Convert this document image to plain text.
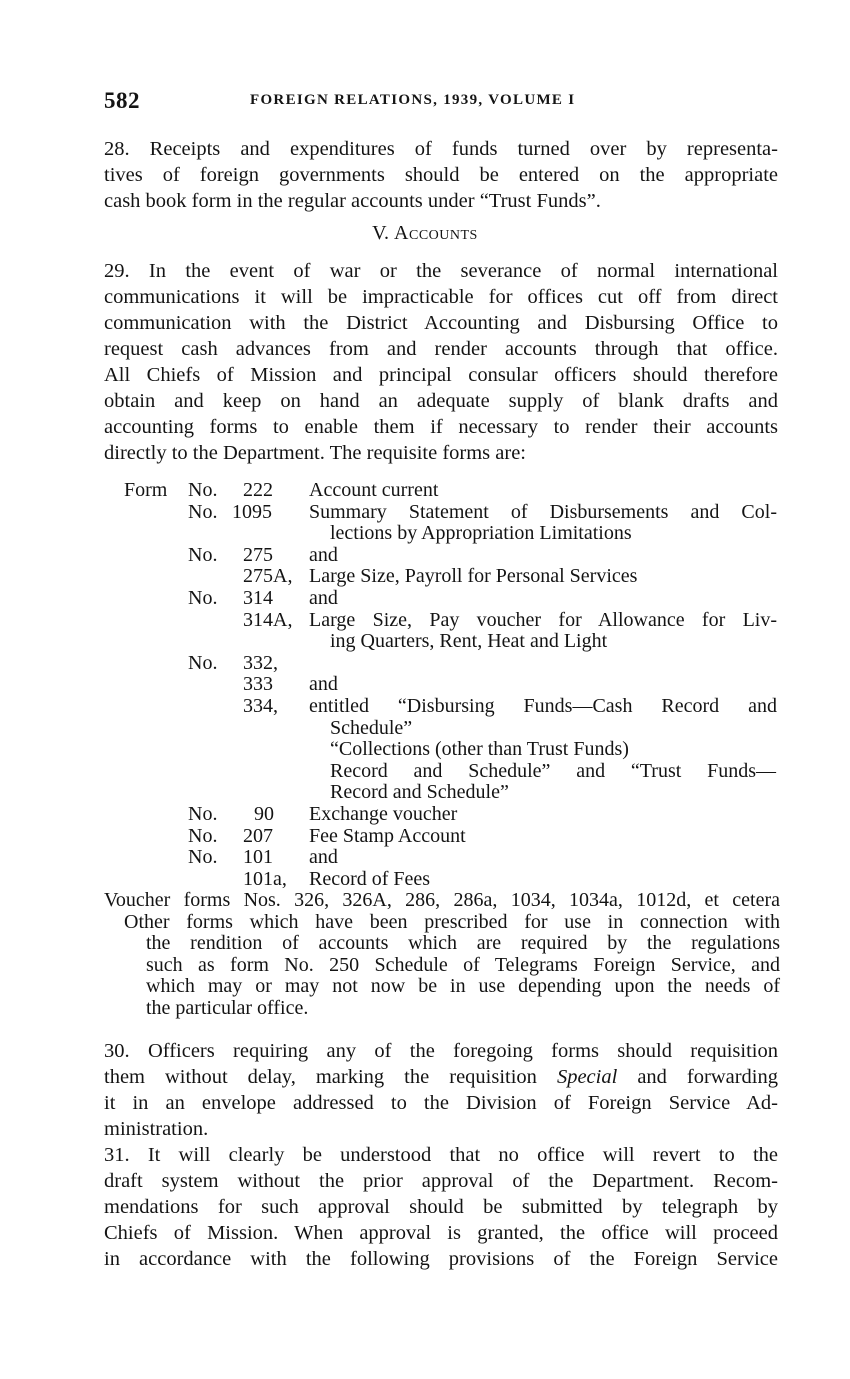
582	FOREIGN RELATIONS, 1939, VOLUME I
28. Receipts and expenditures of funds turned over by representa-
tives of foreign governments should be entered on the appropriate
cash book form in the regular accounts under “Trust Funds”.
V. Accounts
29. In the event of war or the severance of normal international
communications it will be impracticable for offices cut off from direct
communication with the District Accounting and Disbursing Office to
request cash advances from and render accounts through that office.
All Chiefs of Mission and principal consular officers should therefore
obtain and keep on hand an adequate supply of blank drafts and
accounting forms to enable them if necessary to render their accounts
directly to the Department. The requisite forms are:
Form No. 222 Account current
No. 1095 Summary Statement of Disbursements and Col-
lections by Appropriation Limitations
No. 275 and
275A, Large Size, Payroll for Personal Services
No. 314 and
314A, Large Size, Pay voucher for Allowance for Liv-
ing Quarters, Rent, Heat and Light
No. 332,
333 and
334, entitled “Disbursing Funds—Cash Record and
Schedule”
“Collections (other than Trust Funds)
Record and Schedule” and “Trust Funds—
Record and Schedule”
No. 90 Exchange voucher
No. 207 Fee Stamp Account
No. 101 and
101a, Record of Fees
Voucher forms Nos. 326, 326A, 286, 286a, 1034, 1034a, 1012d, et cetera
Other forms which have been prescribed for use in connection with
the rendition of accounts which are required by the regulations
such as form No. 250 Schedule of Telegrams Foreign Service, and
which may or may not now be in use depending upon the needs of
the particular office.
30. Officers requiring any of the foregoing forms should requisition
them without delay, marking the requisition Special and forwarding
it in an envelope addressed to the Division of Foreign Service Ad-
ministration.
31. It will clearly be understood that no office will revert to the
draft system without the prior approval of the Department. Recom-
mendations for such approval should be submitted by telegraph by
Chiefs of Mission. When approval is granted, the office will proceed
in accordance with the following provisions of the Foreign Service
